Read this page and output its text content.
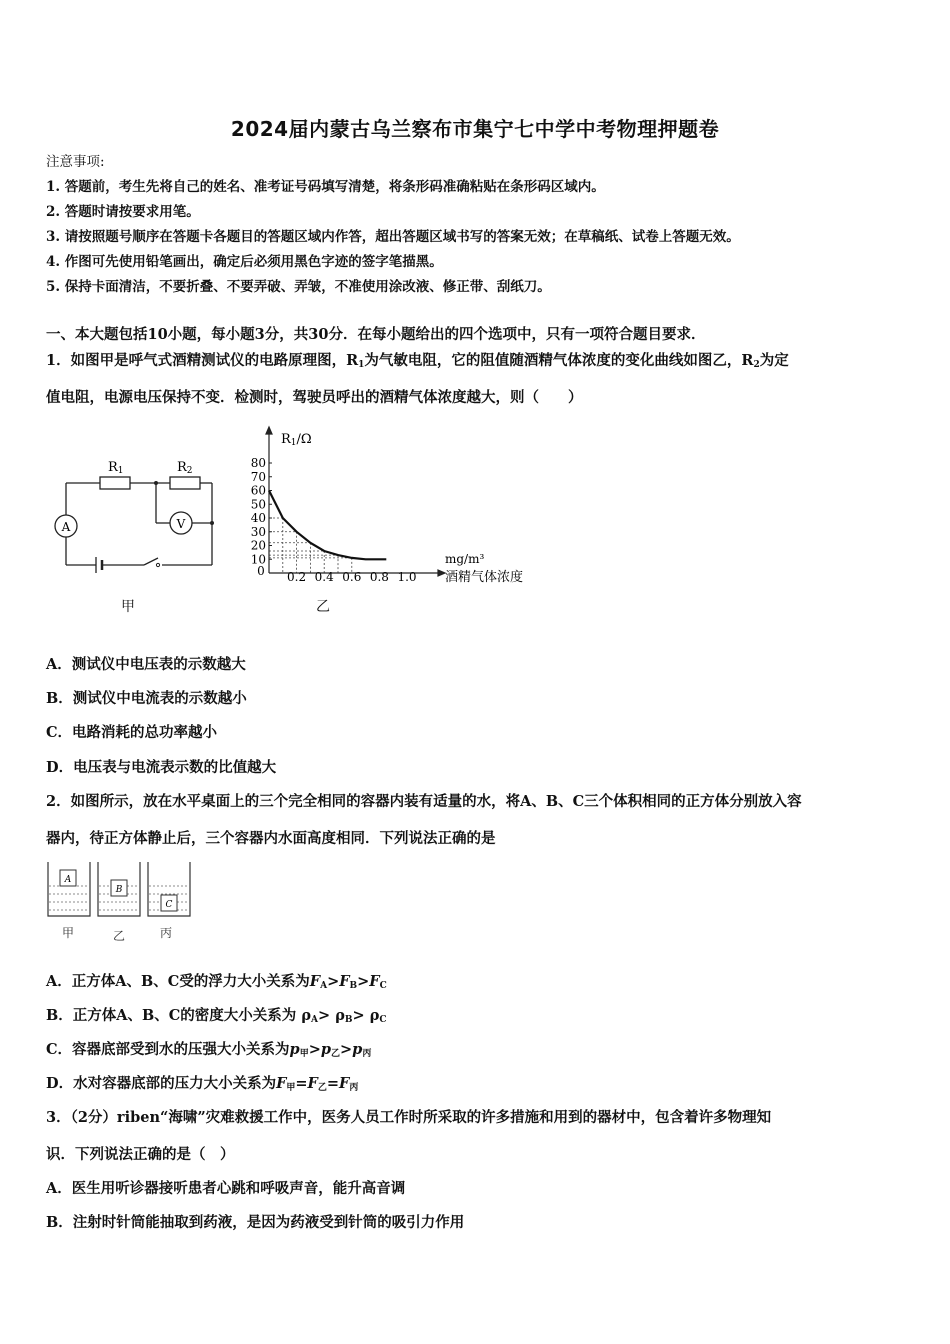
2024届内蒙古乌兰察布市集宁七中学中考物理押题卷
注意事项:
1. 答题前，考生先将自己的姓名、准考证号码填写清楚，将条形码准确粘贴在条形码区域内。
2. 答题时请按要求用笔。
3. 请按照题号顺序在答题卡各题目的答题区域内作答，超出答题区域书写的答案无效；在草稿纸、试卷上答题无效。
4. 作图可先使用铅笔画出，确定后必须用黑色字迹的签字笔描黑。
5. 保持卡面清洁，不要折叠、不要弄破、弄皱，不准使用涂改液、修正带、刮纸刀。
一、本大题包括10小题，每小题3分，共30分．在每小题给出的四个选项中，只有一项符合题目要求．
1．如图甲是呼气式酒精测试仪的电路原理图，$R_1$为气敏电阻，它的阻值随酒精气体浓度的变化曲线如图乙，$R_2$为定
值电阻，电源电压保持不变．检测时，驾驶员呼出的酒精气体浓度越大，则（　　）
R1	R2
A	V
甲
10
20
30
40
50
60
70
80
0.2 0.4 0.6 0.8 1.0
R1/Ω
0
mg/m³
酒精气体浓度
乙
A．测试仪中电压表的示数越大
B．测试仪中电流表的示数越小
C．电路消耗的总功率越小
D．电压表与电流表示数的比值越大
2．如图所示，放在水平桌面上的三个完全相同的容器内装有适量的水，将A、B、C三个体积相同的正方体分别放入容
器内，待正方体静止后，三个容器内水面高度相同．下列说法正确的是
A
B
C
甲	乙	丙
A．正方体A、B、C受的浮力大小关系为$F_A>F_B>F_C$
B．正方体A、B、C的密度大小关系为 $\rho_A> \rho_B> \rho_C$
C．容器底部受到水的压强大小关系为$p_甲>p_乙>p_丙$
D．水对容器底部的压力大小关系为$F_甲=F_乙=F_丙$
3．（2分）riben“海啸”灾难救援工作中，医务人员工作时所采取的许多措施和用到的器材中，包含着许多物理知
识．下列说法正确的是（　）
A．医生用听诊器接听患者心跳和呼吸声音，能升高音调
B．注射时针筒能抽取到药液，是因为药液受到针筒的吸引力作用
